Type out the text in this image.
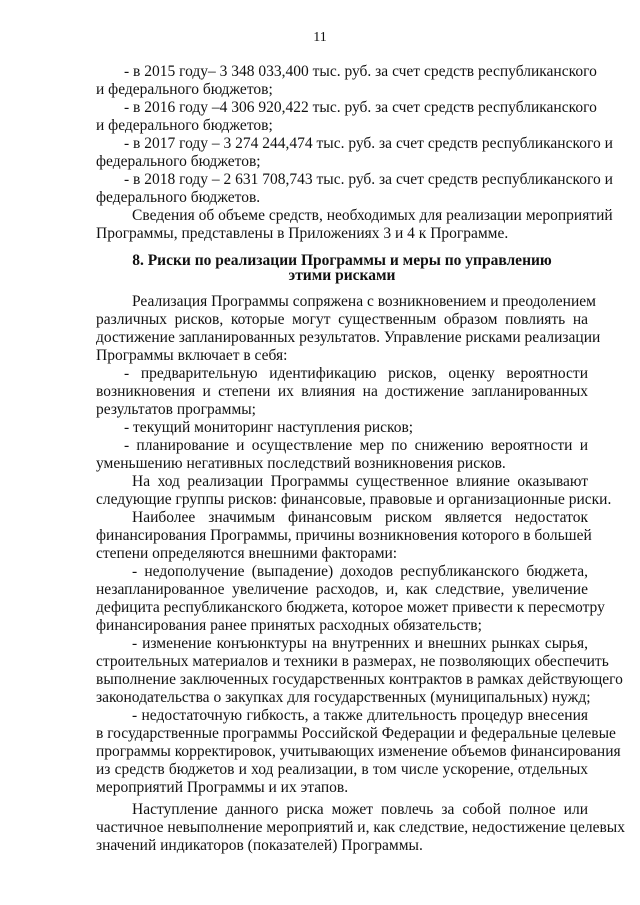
11
- в 2015 году– 3 348 033,400 тыс. руб. за счет средств республиканского
и федерального бюджетов;
- в 2016 году –4 306 920,422 тыс. руб. за счет средств республиканского
и федерального бюджетов;
- в 2017 году – 3 274 244,474 тыс. руб. за счет средств республиканского и
федерального бюджетов;
- в 2018 году – 2 631 708,743 тыс. руб. за счет средств республиканского и
федерального бюджетов.
Сведения об объеме средств, необходимых для реализации мероприятий
Программы, представлены в Приложениях 3 и 4 к Программе.
8. Риски по реализации Программы и меры по управлению
этими рисками
Реализация Программы сопряжена с возникновением и преодолением
различных рисков, которые могут существенным образом повлиять на
достижение запланированных результатов. Управление рисками реализации
Программы включает в себя:
- предварительную идентификацию рисков, оценку вероятности
возникновения и степени их влияния на достижение запланированных
результатов программы;
- текущий мониторинг наступления рисков;
- планирование и осуществление мер по снижению вероятности и
уменьшению негативных последствий возникновения рисков.
На ход реализации Программы существенное влияние оказывают
следующие группы рисков: финансовые, правовые и организационные риски.
Наиболее значимым финансовым риском является недостаток
финансирования Программы, причины возникновения которого в большей
степени определяются внешними факторами:
- недополучение (выпадение) доходов республиканского бюджета,
незапланированное увеличение расходов, и, как следствие, увеличение
дефицита республиканского бюджета, которое может привести к пересмотру
финансирования ранее принятых расходных обязательств;
- изменение конъюнктуры на внутренних и внешних рынках сырья,
строительных материалов и техники в размерах, не позволяющих обеспечить
выполнение заключенных государственных контрактов в рамках действующего
законодательства о закупках для государственных (муниципальных) нужд;
- недостаточную гибкость, а также длительность процедур внесения
в государственные программы Российской Федерации и федеральные целевые
программы корректировок, учитывающих изменение объемов финансирования
из средств бюджетов и ход реализации, в том числе ускорение, отдельных
мероприятий Программы и их этапов.
Наступление данного риска может повлечь за собой полное или
частичное невыполнение мероприятий и, как следствие, недостижение целевых
значений индикаторов (показателей) Программы.
